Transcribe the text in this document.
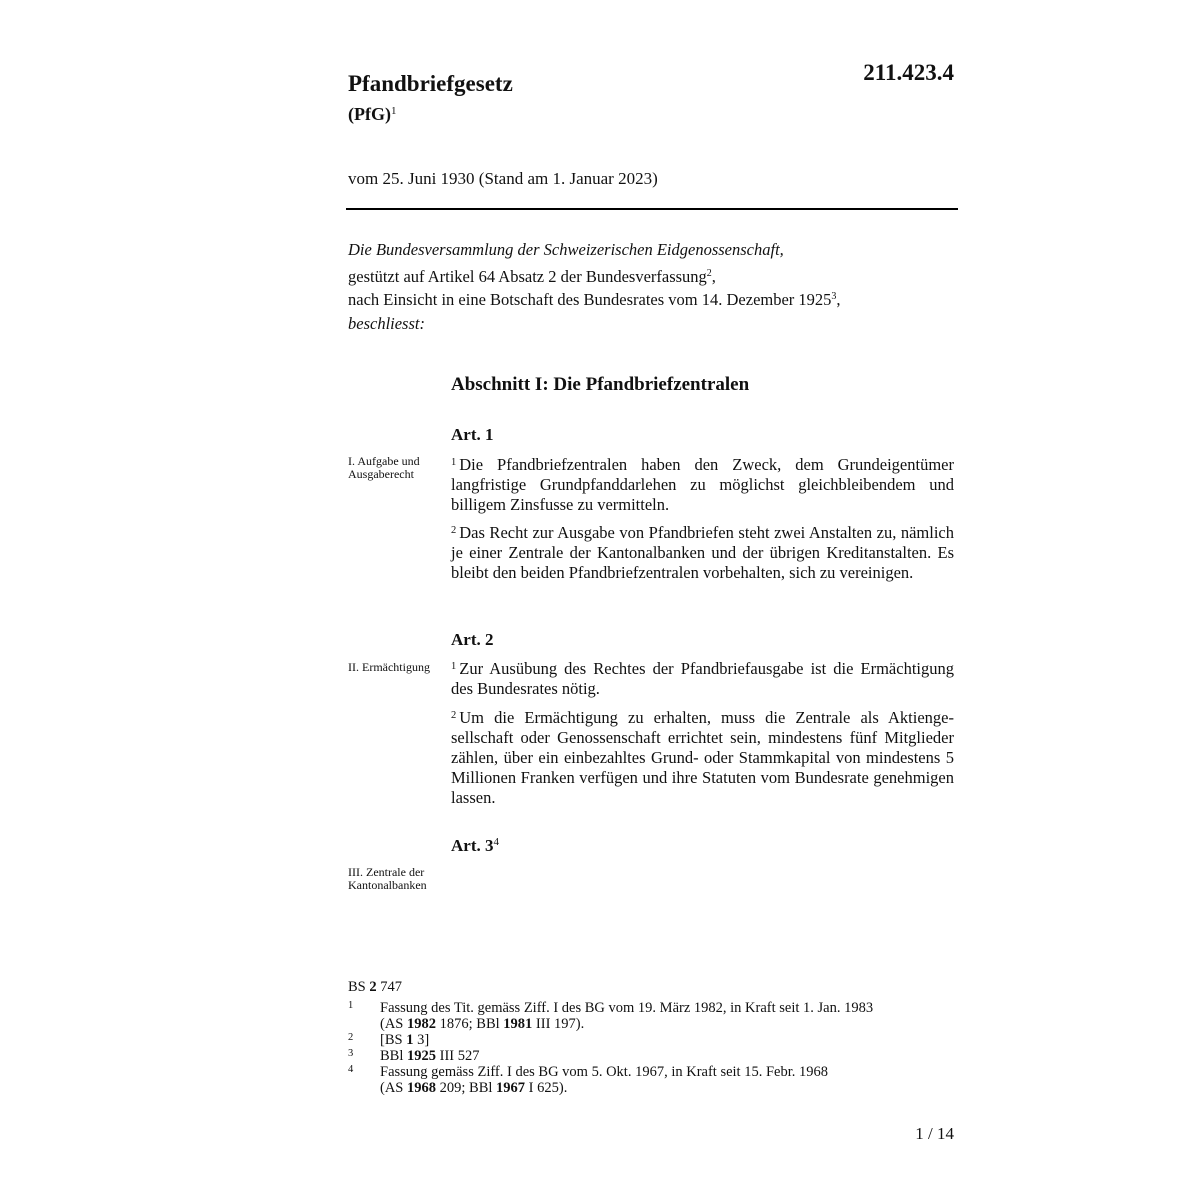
Pfandbriefgesetz
(PfG)$^1$
211.423.4
vom 25. Juni 1930 (Stand am 1. Januar 2023)
Die Bundesversammlung der Schweizerischen Eidgenossenschaft,
gestützt auf Artikel 64 Absatz 2 der Bundesverfassung$^2$,
nach Einsicht in eine Botschaft des Bundesrates vom 14. Dezember 1925$^3$,
beschliesst:
Abschnitt I: Die Pfandbriefzentralen
Art. 1
I. Aufgabe und Ausgaberecht
$^1$ Die Pfandbriefzentralen haben den Zweck, dem Grundeigentümer langfristige Grundpfanddarlehen zu möglichst gleichbleibendem und billigem Zinsfusse zu vermitteln.
$^2$ Das Recht zur Ausgabe von Pfandbriefen steht zwei Anstalten zu, nämlich je einer Zentrale der Kantonalbanken und der übrigen Kreditanstalten. Es bleibt den beiden Pfandbriefzentralen vorbehalten, sich zu vereinigen.
Art. 2
II. Ermächtigung	$^1$ Zur Ausübung des Rechtes der Pfandbriefausgabe ist die Ermächtigung des Bundesrates nötig.
$^2$ Um die Ermächtigung zu erhalten, muss die Zentrale als Aktiengesellschaft oder Genossenschaft errichtet sein, mindestens fünf Mitglieder zählen, über ein einbezahltes Grund- oder Stammkapital von mindestens 5 Millionen Franken verfügen und ihre Statuten vom Bundesrate genehmigen lassen.
Art. $3^4$
III. Zentrale der Kantonalbanken
BS 2 747
1 Fassung des Tit. gemäss Ziff. I des BG vom 19. März 1982, in Kraft seit 1. Jan. 1983
(AS 1982 1876; BBl 1981 III 197).
2 [BS 1 3]
3 BBl 1925 III 527
4 Fassung gemäss Ziff. I des BG vom 5. Okt. 1967, in Kraft seit 15. Febr. 1968
(AS 1968 209; BBl 1967 I 625).
1 / 14
